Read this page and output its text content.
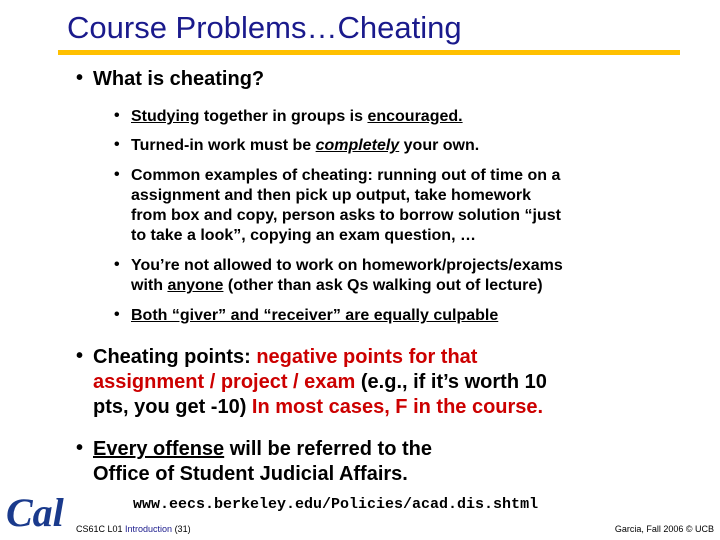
Course Problems…Cheating
• What is cheating?
• Studying together in groups is encouraged.
• Turned-in work must be completely your own.
• Common examples of cheating: running out of time on a
assignment and then pick up output, take homework
from box and copy, person asks to borrow solution “just
to take a look”, copying an exam question, …
• You’re not allowed to work on homework/projects/exams
with anyone (other than ask Qs walking out of lecture)
• Both “giver” and “receiver” are equally culpable
• Cheating points: negative points for that
assignment / project / exam (e.g., if it’s worth 10
pts, you get -10) In most cases, F in the course.
• Every offense will be referred to the
Office of Student Judicial Affairs.
www.eecs.berkeley.edu/Policies/acad.dis.shtml
Cal CS61C L01 Introduction (31)	Garcia, Fall 2006 © UCB
